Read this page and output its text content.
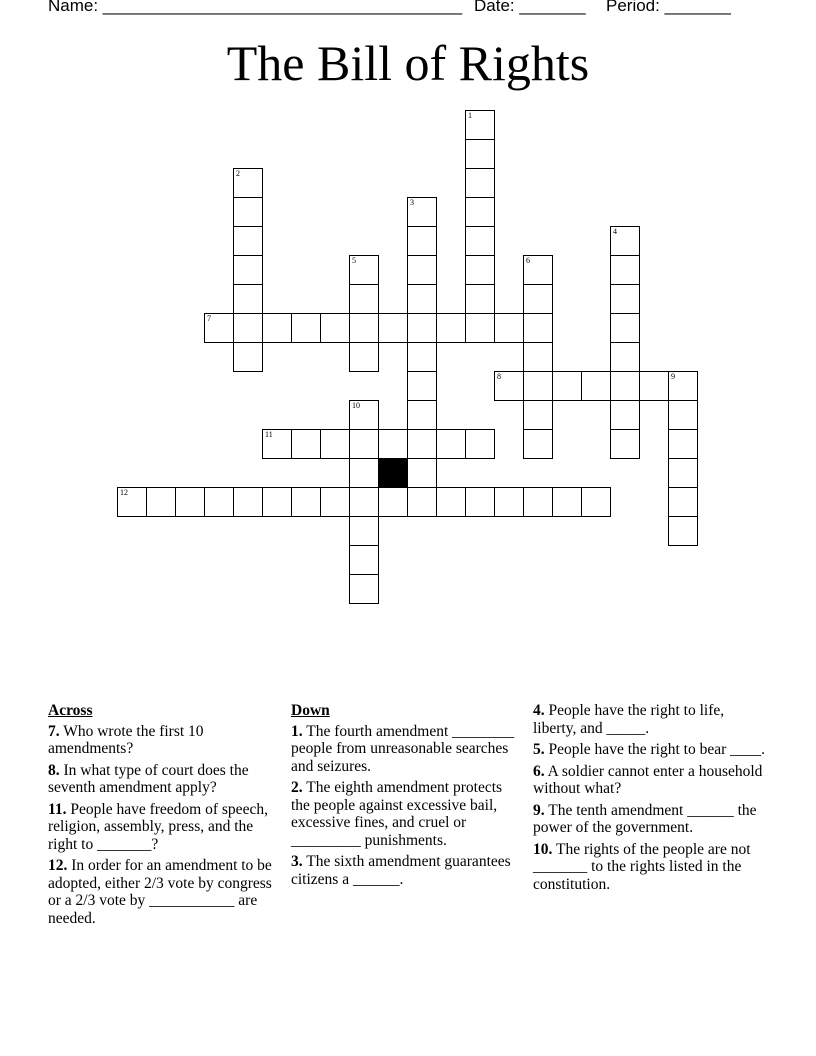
Name: ______________________________________ Date: _______ Period: _______
The Bill of Rights
1
2
3
4
5	6
7
8	9
10
11
12
Across
7. Who wrote the first 10 amendments?
8. In what type of court does the seventh amendment apply?
11. People have freedom of speech, religion, assembly, press, and the right to _______?
12. In order for an amendment to be adopted, either 2/3 vote by congress or a 2/3 vote by ___________ are needed.
Down
1. The fourth amendment ________ people from unreasonable searches and seizures.
2. The eighth amendment protects the people against excessive bail, excessive fines, and cruel or _________ punishments.
3. The sixth amendment guarantees citizens a ______.
4. People have the right to life, liberty, and _____.
5. People have the right to bear ____.
6. A soldier cannot enter a household without what?
9. The tenth amendment ______ the power of the government.
10. The rights of the people are not _______ to the rights listed in the constitution.
